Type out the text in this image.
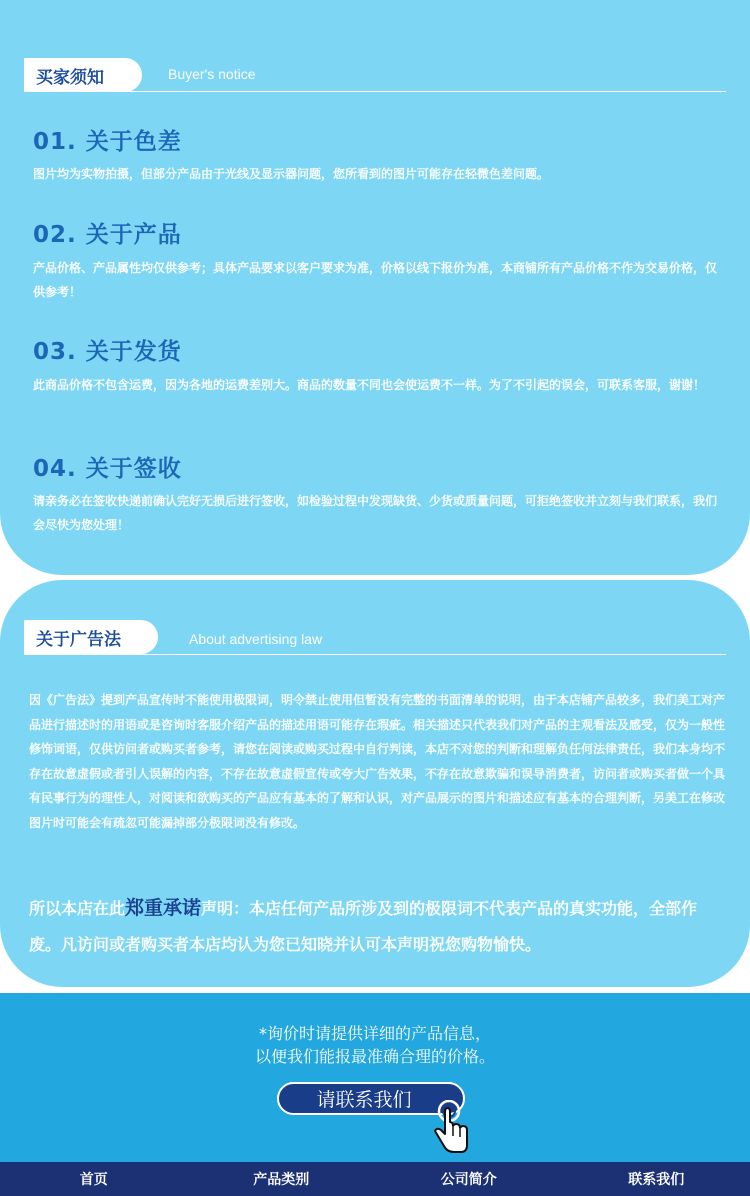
买家须知	Buyer's notice
01. 关于色差
图片均为实物拍摄，但部分产品由于光线及显示器问题，您所看到的图片可能存在轻微色差问题。
02. 关于产品
产品价格、产品属性均仅供参考；具体产品要求以客户要求为准，价格以线下报价为准，本商铺所有产品价格不作为交易价格，仅供参考！
03. 关于发货
此商品价格不包含运费，因为各地的运费差别大。商品的数量不同也会使运费不一样。为了不引起的误会，可联系客服，谢谢！
04. 关于签收
请亲务必在签收快递前确认完好无损后进行签收，如检验过程中发现缺货、少货或质量问题，可拒绝签收并立刻与我们联系，我们会尽快为您处理！
关于广告法	About advertising law
因《广告法》提到产品宣传时不能使用极限词，明令禁止使用但暂没有完整的书面清单的说明，由于本店铺产品较多，我们美工对产品进行描述时的用语或是咨询时客服介绍产品的描述用语可能存在瑕疵。相关描述只代表我们对产品的主观看法及感受，仅为一般性修饰词语，仅供访问者或购买者参考，请您在阅读或购买过程中自行判读，本店不对您的判断和理解负任何法律责任，我们本身均不存在故意虚假或者引人误解的内容，不存在故意虚假宣传或夸大广告效果，不存在故意欺骗和误导消费者，访问者或购买者做一个具有民事行为的理性人，对阅读和欲购买的产品应有基本的了解和认识，对产品展示的图片和描述应有基本的合理判断，另美工在修改图片时可能会有疏忽可能漏掉部分极限词没有修改。
所以本店在此郑重承诺声明：本店任何产品所涉及到的极限词不代表产品的真实功能，全部作废。凡访问或者购买者本店均认为您已知晓并认可本声明祝您购物愉快。
*询价时请提供详细的产品信息，
以便我们能报最准确合理的价格。
请联系我们
首页	产品类别	公司简介	联系我们
